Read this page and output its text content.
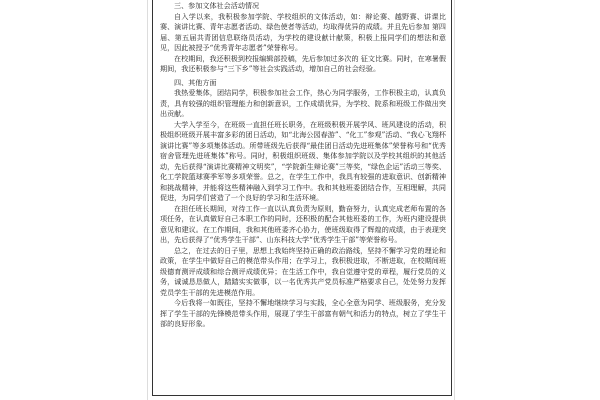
三、参加文体社会活动情况

自入学以来，我积极参加学院、学校组织的文体活动，如：辩论赛、越野赛、讲课比赛、演讲比赛、青年志愿者活动、绿色使者等活动，均取得优异的成绩。并且先后参加 第四届、第五届共青团信息联络员活动，为学校的建设献计献策，积极上报同学们的想法和意见，因此被授予“优秀青年志愿者”荣誉称号。

在校期间，我还积极到校报编辑部投稿，先后参加过多次的 征文比赛。同时，在寒暑假期间，我还积极参与“三下乡”等社会实践活动，增加自己的社会经验。

四、其他方面

我热爱集体，团结同学，积极参加社会工作，热心为同学服务，工作积极主动，认真负责，具有较强的组织管理能力和创新意识，工作成绩优异，为学校、院系和班级工作做出突出贡献。

大学入学至今，在班级一直担任班长职务，在班级积极开展学风、班风建设的活动，积极组织班级开展丰富多彩的团日活动，如“北海公园春游”、“化工”参观”活动、“我心飞翔杯演讲比赛”等多项集体活动。所带班级先后获得“最佳团日活动先进班集体”荣誉称号和“优秀宿舍管理先进班集体”称号。同时，积极组织班级、集体参加学院以及学校其组织的其他活动，先后获得“演讲比赛精神文明奖”，“学院新生辩论赛”三等奖，“绿色企运”活动三等奖、化工学院篮球赛季军等多项荣誉。总之，在学生工作中，我具有较强的进取意识、创新精神和挑战精神，并能将这些精神融入到学习工作中。我和其他班委团结合作，互相理解，共同促进，为同学们营造了一个良好的学习和生活环境。

在担任班长期间，对待工作一直以认真负责为原则，勤奋努力，认真完成老师布置的各项任务，在认真做好自己本职工作的同时，还积极的配合其他班委的工作，为班内建设提供意见和建议。在工作期间，我和其他班委齐心协力，使班级取得了辉煌的成绩，由于表现突出，先后获得了“优秀学生干部”、山东科技大学“优秀学生干部”等荣誉称号。

总之，在过去的日子里，思想上我始终坚持正确的政治路线，坚持不懈学习党的理论和政策，在学生中做好自己的模范带头作用；在学习上，我积极进取，不断进取，在校期间班级德育测评成绩和综合测评成绩优异；在生活工作中，我自觉遵守党的章程，履行党员的义务，诚诚恳恳做人，踏踏实实做事，以一名优秀共产党员标准严格要求自己，处处努力发挥党员学生干部的先进模范作用。

今后我将一如既往，坚持不懈地继续学习与实践，全心全意为同学、班级服务，充分发挥了学生干部的先锋模范带头作用，展现了学生干部富有朝气和活力的特点，树立了学生干部的良好形象。
